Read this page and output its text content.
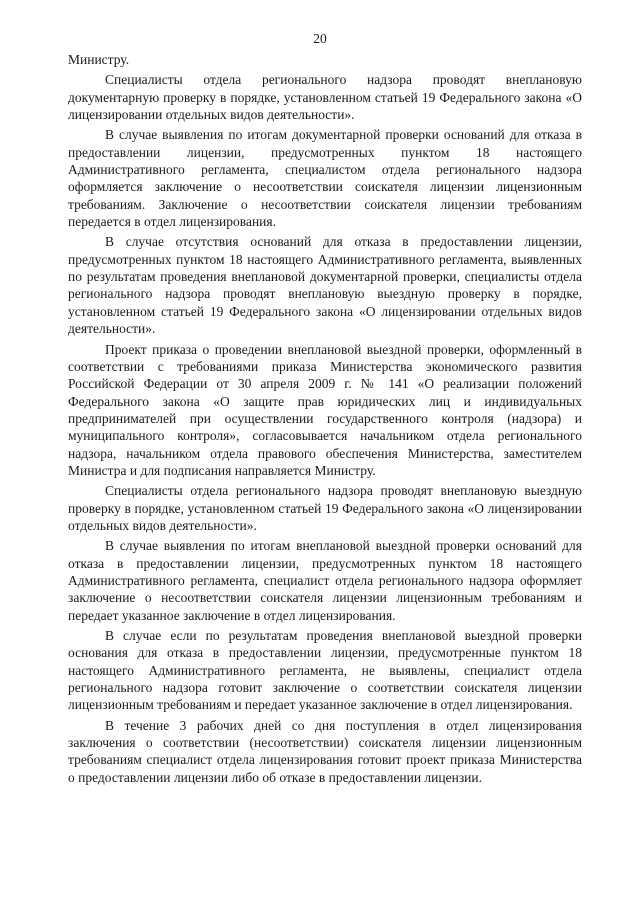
20

Министру.

Специалисты отдела регионального надзора проводят внеплановую документарную проверку в порядке, установленном статьей 19 Федерального закона «О лицензировании отдельных видов деятельности».

В случае выявления по итогам документарной проверки оснований для отказа в предоставлении лицензии, предусмотренных пунктом 18 настоящего Административного регламента, специалистом отдела регионального надзора оформляется заключение о несоответствии соискателя лицензии лицензионным требованиям. Заключение о несоответствии соискателя лицензии требованиям передается в отдел лицензирования.

В случае отсутствия оснований для отказа в предоставлении лицензии, предусмотренных пунктом 18 настоящего Административного регламента, выявленных по результатам проведения внеплановой документарной проверки, специалисты отдела регионального надзора проводят внеплановую выездную проверку в порядке, установленном статьей 19 Федерального закона «О лицензировании отдельных видов деятельности».

Проект приказа о проведении внеплановой выездной проверки, оформленный в соответствии с требованиями приказа Министерства экономического развития Российской Федерации от 30 апреля 2009 г. № 141 «О реализации положений Федерального закона «О защите прав юридических лиц и индивидуальных предпринимателей при осуществлении государственного контроля (надзора) и муниципального контроля», согласовывается начальником отдела регионального надзора, начальником отдела правового обеспечения Министерства, заместителем Министра и для подписания направляется Министру.

Специалисты отдела регионального надзора проводят внеплановую выездную проверку в порядке, установленном статьей 19 Федерального закона «О лицензировании отдельных видов деятельности».

В случае выявления по итогам внеплановой выездной проверки оснований для отказа в предоставлении лицензии, предусмотренных пунктом 18 настоящего Административного регламента, специалист отдела регионального надзора оформляет заключение о несоответствии соискателя лицензии лицензионным требованиям и передает указанное заключение в отдел лицензирования.

В случае если по результатам проведения внеплановой выездной проверки основания для отказа в предоставлении лицензии, предусмотренные пунктом 18 настоящего Административного регламента, не выявлены, специалист отдела регионального надзора готовит заключение о соответствии соискателя лицензии лицензионным требованиям и передает указанное заключение в отдел лицензирования.

В течение 3 рабочих дней со дня поступления в отдел лицензирования заключения о соответствии (несоответствии) соискателя лицензии лицензионным требованиям специалист отдела лицензирования готовит проект приказа Министерства о предоставлении лицензии либо об отказе в предоставлении лицензии.
